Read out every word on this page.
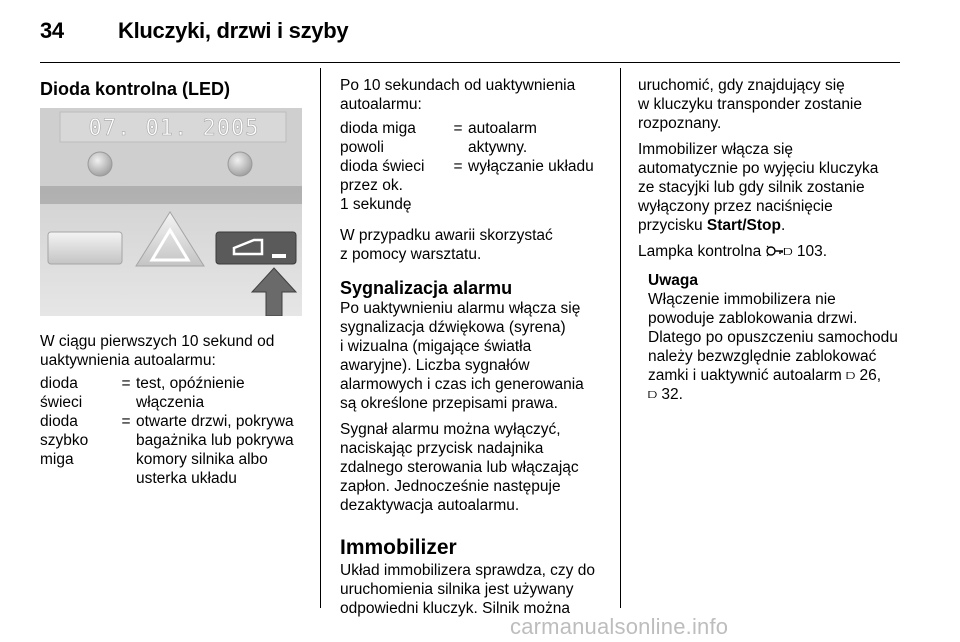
34 Kluczyki, drzwi i szyby

Dioda kontrolna (LED)

07. 01. 2005

W ciągu pierwszych 10 sekund od

uaktywnienia autoalarmu:

dioda
świeci
= test, opóźnienie
włączenia
dioda
szybko
miga
= otwarte drzwi, pokrywa
bagażnika lub pokrywa
komory silnika albo
usterka układu

Po 10 sekundach od uaktywnienia

autoalarmu:

dioda miga
powoli
= autoalarm
aktywny.
dioda świeci
przez ok.
1 sekundę
= wyłączanie układu

W przypadku awarii skorzystać

z pomocy warsztatu.

Sygnalizacja alarmu

Po uaktywnieniu alarmu włącza się

sygnalizacja dźwiękowa (syrena)

i wizualna (migające światła

awaryjne). Liczba sygnałów

alarmowych i czas ich generowania

są określone przepisami prawa.

Sygnał alarmu można wyłączyć,

naciskając przycisk nadajnika

zdalnego sterowania lub włączając

zapłon. Jednocześnie następuje

dezaktywacja autoalarmu.

Immobilizer

Układ immobilizera sprawdza, czy do

uruchomienia silnika jest używany

odpowiedni kluczyk. Silnik można

uruchomić, gdy znajdujący się

w kluczyku transponder zostanie

rozpoznany.

Immobilizer włącza się

automatycznie po wyjęciu kluczyka

ze stacyjki lub gdy silnik zostanie

wyłączony przez naciśnięcie

przycisku Start/Stop.

Lampka kontrolna ⫐ 103.

Uwaga

Włączenie immobilizera nie

powoduje zablokowania drzwi.

Dlatego po opuszczeniu samochodu

należy bezwzględnie zablokować

zamki i uaktywnić autoalarm ⫐ 26,

⫐ 32.

carmanualsonline.info
